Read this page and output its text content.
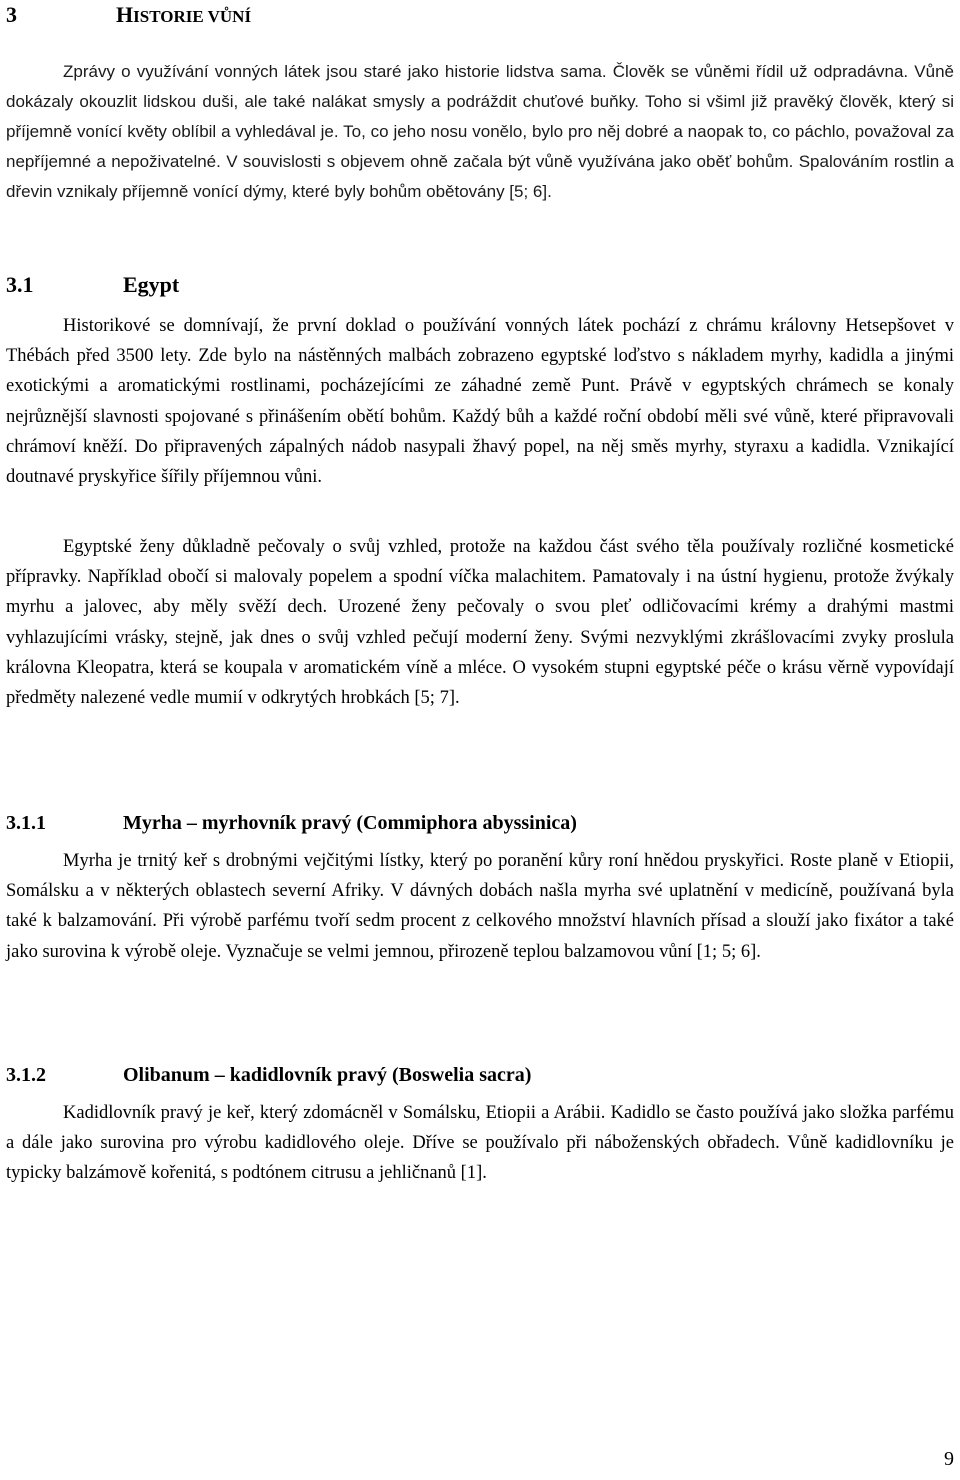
3	HISTORIE VŮNÍ

Zprávy o využívání vonných látek jsou staré jako historie lidstva sama. Člověk se vůněmi řídil už odpradávna. Vůně dokázaly okouzlit lidskou duši, ale také nalákat smysly a podráždit chuťové buňky. Toho si všiml již pravěký člověk, který si příjemně vonící květy oblíbil a vyhledával je. To, co jeho nosu vonělo, bylo pro něj dobré a naopak to, co páchlo, považoval za nepříjemné a nepoživatelné. V souvislosti s objevem ohně začala být vůně využívána jako oběť bohům. Spalováním rostlin a dřevin vznikaly příjemně vonící dýmy, které byly bohům obětovány [5; 6].

3.1	Egypt

Historikové se domnívají, že první doklad o používání vonných látek pochází z chrámu královny Hetsepšovet v Thébách před 3500 lety. Zde bylo na nástěnných malbách zobrazeno egyptské loďstvo s nákladem myrhy, kadidla a jinými exotickými a aromatickými rostlinami, pocházejícími ze záhadné země Punt. Právě v egyptských chrámech se konaly nejrůznější slavnosti spojované s přinášením obětí bohům. Každý bůh a každé roční období měli své vůně, které připravovali chrámoví kněží. Do připravených zápalných nádob nasypali žhavý popel, na něj směs myrhy, styraxu a kadidla. Vznikající doutnavé pryskyřice šířily příjemnou vůni.

Egyptské ženy důkladně pečovaly o svůj vzhled, protože na každou část svého těla používaly rozličné kosmetické přípravky. Například obočí si malovaly popelem a spodní víčka malachitem. Pamatovaly i na ústní hygienu, protože žvýkaly myrhu a jalovec, aby měly svěží dech. Urozené ženy pečovaly o svou pleť odličovacími krémy a drahými mastmi vyhlazujícími vrásky, stejně, jak dnes o svůj vzhled pečují moderní ženy. Svými nezvyklými zkrášlovacími zvyky proslula královna Kleopatra, která se koupala v aromatickém víně a mléce. O vysokém stupni egyptské péče o krásu věrně vypovídají předměty nalezené vedle mumií v odkrytých hrobkách [5; 7].

3.1.1	Myrha – myrhovník pravý (Commiphora abyssinica)

Myrha je trnitý keř s drobnými vejčitými lístky, který po poranění kůry roní hnědou pryskyřici. Roste planě v Etiopii, Somálsku a v některých oblastech severní Afriky. V dávných dobách našla myrha své uplatnění v medicíně, používaná byla také k balzamování. Při výrobě parfému tvoří sedm procent z celkového množství hlavních přísad a slouží jako fixátor a také jako surovina k výrobě oleje. Vyznačuje se velmi jemnou, přirozeně teplou balzamovou vůní [1; 5; 6].

3.1.2	Olibanum – kadidlovník pravý (Boswelia sacra)

Kadidlovník pravý je keř, který zdomácněl v Somálsku, Etiopii a Arábii. Kadidlo se často používá jako složka parfému a dále jako surovina pro výrobu kadidlového oleje. Dříve se používalo při náboženských obřadech. Vůně kadidlovníku je typicky balzámově kořenitá, s podtónem citrusu a jehličnanů [1].

9
